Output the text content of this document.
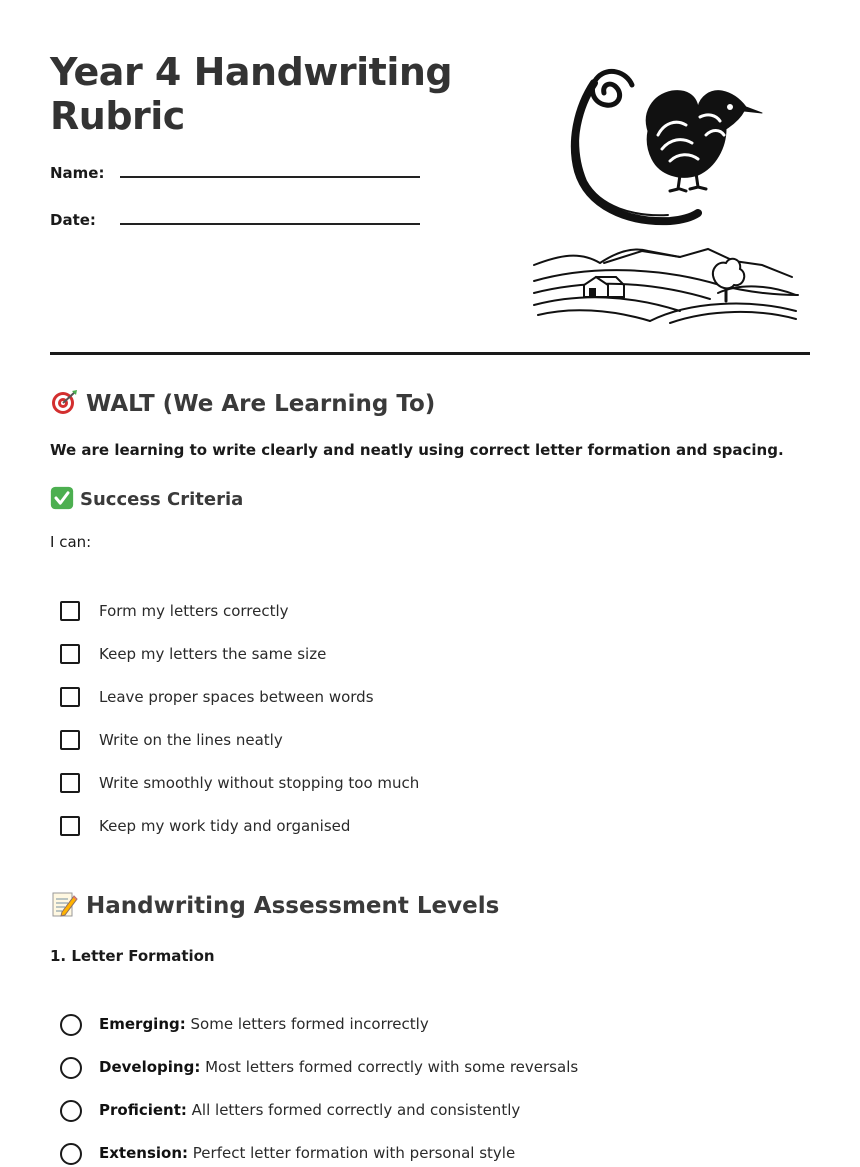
Year 4 Handwriting Rubric
Name:
Date:
WALT (We Are Learning To)
We are learning to write clearly and neatly using correct letter formation and spacing.
Success Criteria
I can:
Form my letters correctly
Keep my letters the same size
Leave proper spaces between words
Write on the lines neatly
Write smoothly without stopping too much
Keep my work tidy and organised
Handwriting Assessment Levels
1. Letter Formation
Emerging: Some letters formed incorrectly
Developing: Most letters formed correctly with some reversals
Proficient: All letters formed correctly and consistently
Extension: Perfect letter formation with personal style
